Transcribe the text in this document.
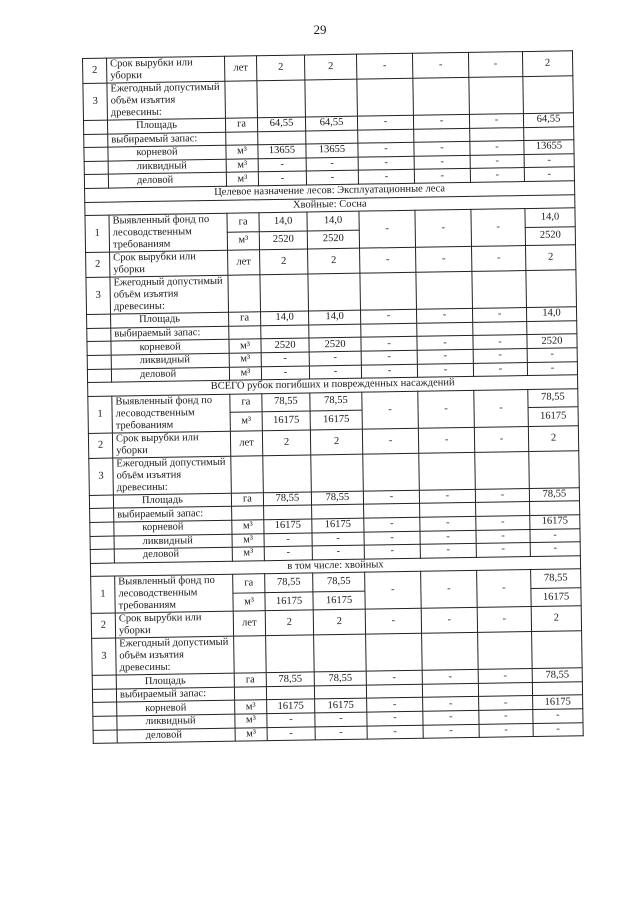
29
2	Срок вырубки или уборки	лет	2	2	-	-	-	2
3	Ежегодный допустимый объём изъятия древесины:							
	Площадь	га	64,55	64,55	-	-	-	64,55
	выбираемый запас:							
	корневой	м³	13655	13655	-	-	-	13655
	ликвидный	м³	-	-	-	-	-	-
	деловой	м³	-	-	-	-	-	-
Целевое назначение лесов: Эксплуатационные леса								
Хвойные: Сосна								
1	Выявленный фонд по лесоводственным требованиям	га	14,0	14,0	-	-	-	14,0
		м³	2520	2520				2520
2	Срок вырубки или уборки	лет	2	2	-	-	-	2
3	Ежегодный допустимый объём изъятия древесины:							
	Площадь	га	14,0	14,0	-	-	-	14,0
	выбираемый запас:							
	корневой	м³	2520	2520	-	-	-	2520
	ликвидный	м³	-	-	-	-	-	-
	деловой	м³	-	-	-	-	-	-
ВСЕГО рубок погибших и поврежденных насаждений								
1	Выявленный фонд по лесоводственным требованиям	га	78,55	78,55	-	-	-	78,55
		м³	16175	16175				16175
2	Срок вырубки или уборки	лет	2	2	-	-	-	2
3	Ежегодный допустимый объём изъятия древесины:							
	Площадь	га	78,55	78,55	-	-	-	78,55
	выбираемый запас:							
	корневой	м³	16175	16175	-	-	-	16175
	ликвидный	м³	-	-	-	-	-	-
	деловой	м³	-	-	-	-	-	-
в том числе: хвойных								
1	Выявленный фонд по лесоводственным требованиям	га	78,55	78,55	-	-	-	78,55
		м³	16175	16175				16175
2	Срок вырубки или уборки	лет	2	2	-	-	-	2
3	Ежегодный допустимый объём изъятия древесины:							
	Площадь	га	78,55	78,55	-	-	-	78,55
	выбираемый запас:							
	корневой	м³	16175	16175	-	-	-	16175
	ликвидный	м³	-	-	-	-	-	-
	деловой	м³	-	-	-	-	-	-
